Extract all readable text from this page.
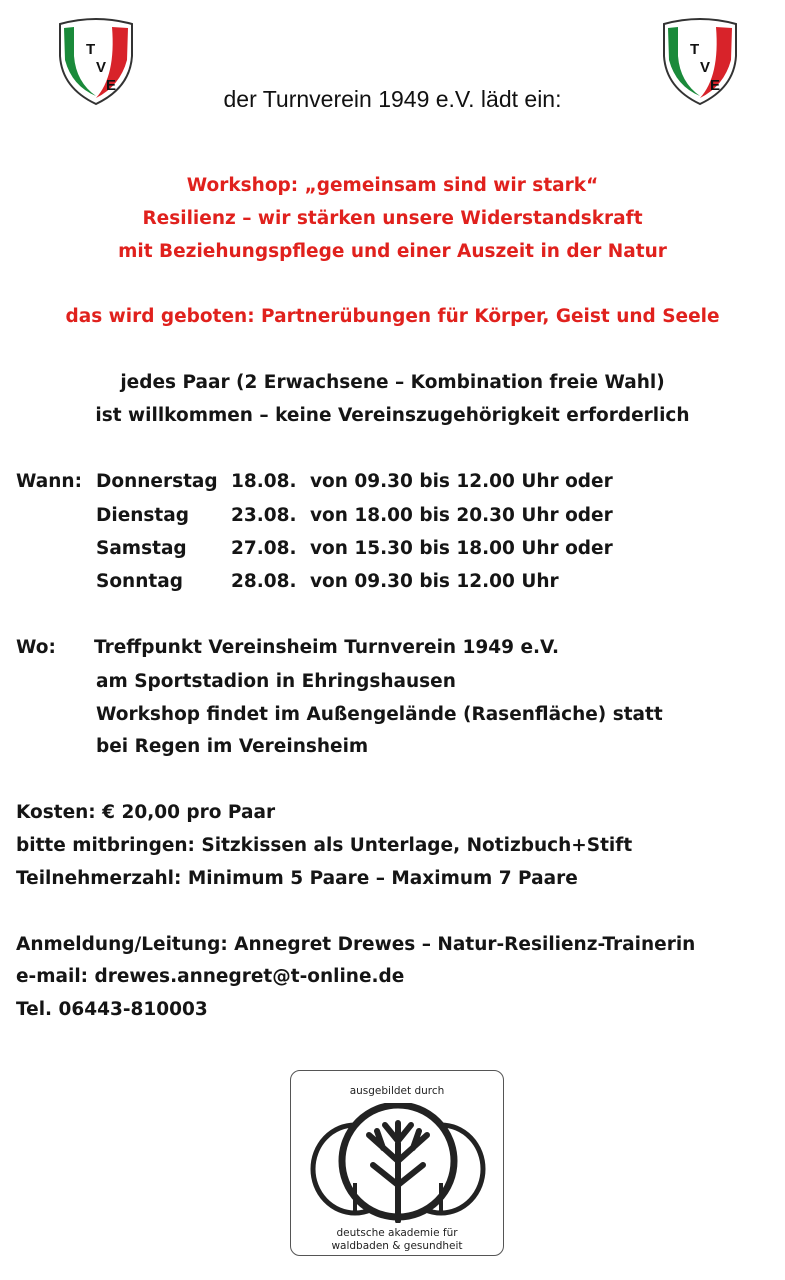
T
V
E
T
V
E
der Turnverein 1949 e.V. lädt ein:
Workshop: „gemeinsam sind wir stark“
Resilienz – wir stärken unsere Widerstandskraft
mit Beziehungspflege und einer Auszeit in der Natur
das wird geboten: Partnerübungen für Körper, Geist und Seele
jedes Paar (2 Erwachsene – Kombination freie Wahl)
ist willkommen – keine Vereinszugehörigkeit erforderlich
Wann: Donnerstag 18.08. von 09.30 bis 12.00 Uhr oder
Dienstag 23.08. von 18.00 bis 20.30 Uhr oder
Samstag 27.08. von 15.30 bis 18.00 Uhr oder
Sonntag	28.08. von 09.30 bis 12.00 Uhr
Wo: Treffpunkt Vereinsheim Turnverein 1949 e.V.
am Sportstadion in Ehringshausen
Workshop findet im Außengelände (Rasenfläche) statt
bei Regen im Vereinsheim
Kosten: € 20,00 pro Paar
bitte mitbringen: Sitzkissen als Unterlage, Notizbuch+Stift
Teilnehmerzahl: Minimum 5 Paare – Maximum 7 Paare
Anmeldung/Leitung: Annegret Drewes – Natur-Resilienz-Trainerin
e-mail: drewes.annegret@t-online.de
Tel. 06443-810003
ausgebildet durch
deutsche akademie für
waldbaden & gesundheit
